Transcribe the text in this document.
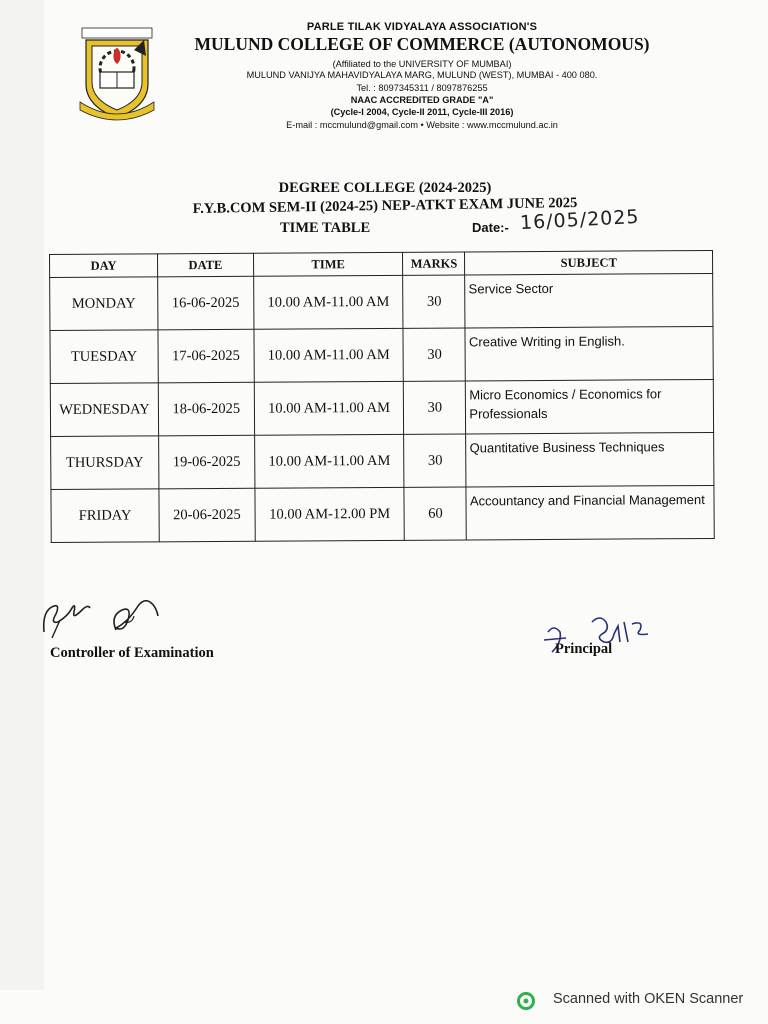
PARLE TILAK VIDYALAYA ASSOCIATION'S
MULUND COLLEGE OF COMMERCE (AUTONOMOUS)
(Affiliated to the UNIVERSITY OF MUMBAI)
MULUND VANIJYA MAHAVIDYALAYA MARG, MULUND (WEST), MUMBAI - 400 080.
Tel. : 8097345311 / 8097876255
NAAC ACCREDITED GRADE "A"
(Cycle-I 2004, Cycle-II 2011, Cycle-III 2016)
E-mail : mccmulund@gmail.com • Website : www.mccmulund.ac.in
DEGREE COLLEGE (2024-2025)
F.Y.B.COM SEM-II (2024-25) NEP-ATKT EXAM JUNE 2025
TIME TABLE	Date:- 16/05/2025
DAY	DATE	TIME	MARKS	SUBJECT
MONDAY	16-06-2025	10.00 AM-11.00 AM	30	Service Sector
TUESDAY	17-06-2025	10.00 AM-11.00 AM	30	Creative Writing in English.
WEDNESDAY	18-06-2025	10.00 AM-11.00 AM	30	Micro Economics / Economics for Professionals
THURSDAY	19-06-2025	10.00 AM-11.00 AM	30	Quantitative Business Techniques
FRIDAY	20-06-2025	10.00 AM-12.00 PM	60	Accountancy and Financial Management
Controller of Examination	Principal
Scanned with OKEN Scanner
